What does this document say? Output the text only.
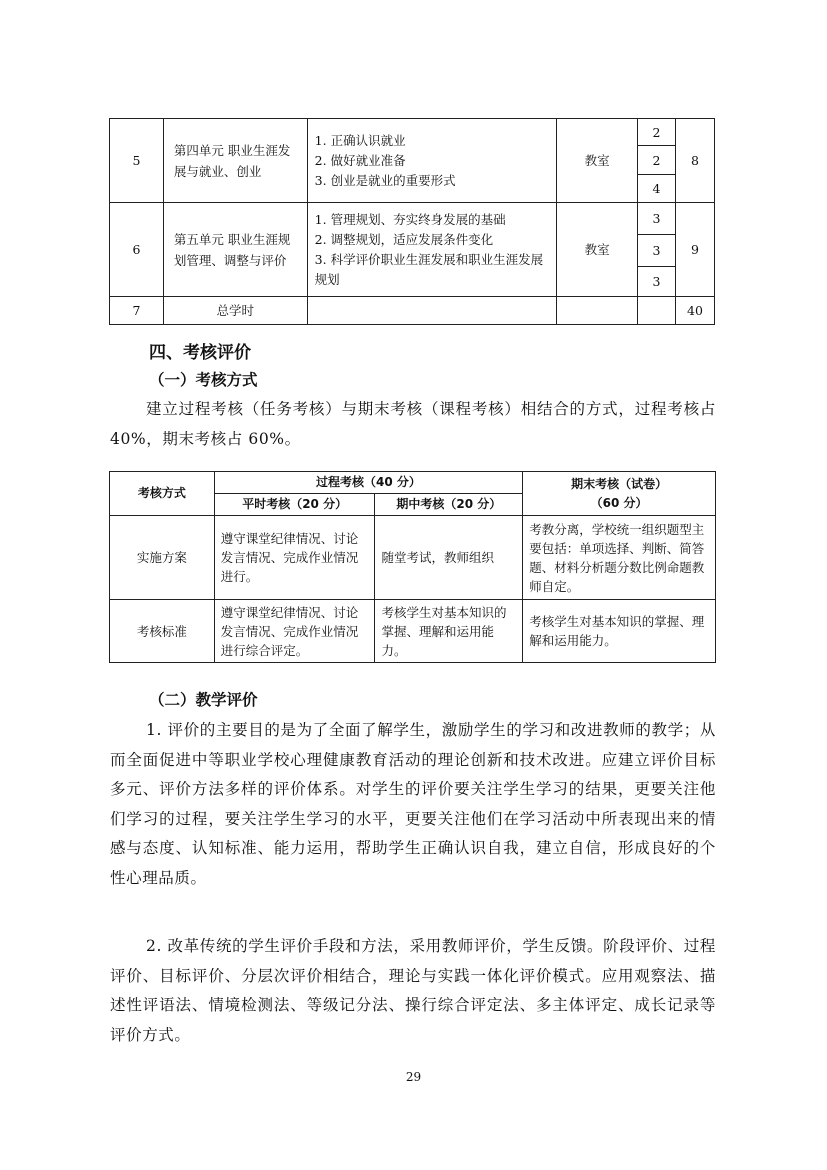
5	第四单元 职业生涯发展与就业、创业	1. 正确认识就业
2. 做好就业准备
3. 创业是就业的重要形式	教室	2	8
				2	
				4	
6	第五单元 职业生涯规划管理、调整与评价	1. 管理规划、夯实终身发展的基础
2. 调整规划，适应发展条件变化
3. 科学评价职业生涯发展和职业生涯发展规划	教室	3	9
				3	
				3	
7	总学时				40
四、考核评价
（一）考核方式
建立过程考核（任务考核）与期末考核（课程考核）相结合的方式，过程考核占 40%，期末考核占 60%。
考核方式	过程考核（40 分）		期末考核（试卷）（60 分）
	平时考核（20 分）	期中考核（20 分）	
实施方案	遵守课堂纪律情况、讨论发言情况、完成作业情况进行。	随堂考试，教师组织	考教分离，学校统一组织题型主要包括：单项选择、判断、简答题、材料分析题分数比例命题教师自定。
考核标准	遵守课堂纪律情况、讨论发言情况、完成作业情况进行综合评定。	考核学生对基本知识的掌握、理解和运用能力。	考核学生对基本知识的掌握、理解和运用能力。
（二）教学评价
1. 评价的主要目的是为了全面了解学生，激励学生的学习和改进教师的教学；从而全面促进中等职业学校心理健康教育活动的理论创新和技术改进。应建立评价目标多元、评价方法多样的评价体系。对学生的评价要关注学生学习的结果，更要关注他们学习的过程，要关注学生学习的水平，更要关注他们在学习活动中所表现出来的情感与态度、认知标准、能力运用，帮助学生正确认识自我，建立自信，形成良好的个性心理品质。
2. 改革传统的学生评价手段和方法，采用教师评价，学生反馈。阶段评价、过程评价、目标评价、分层次评价相结合，理论与实践一体化评价模式。应用观察法、描述性评语法、情境检测法、等级记分法、操行综合评定法、多主体评定、成长记录等评价方式。
29
